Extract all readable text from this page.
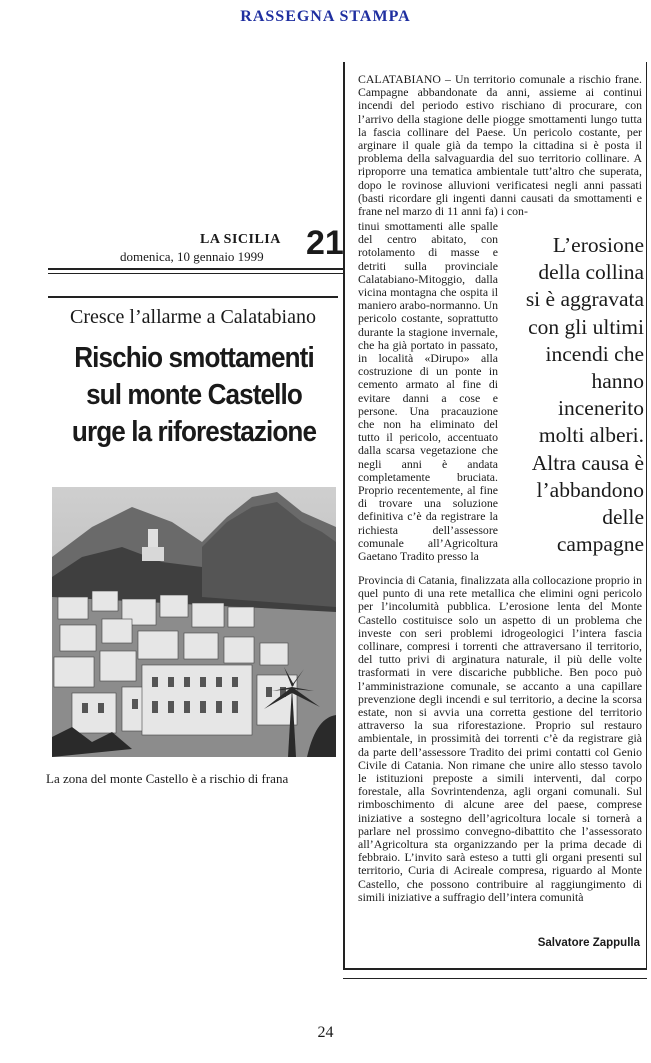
RASSEGNA STAMPA
LA SICILIA
domenica, 10 gennaio 1999 21
Cresce l’allarme a Calatabiano
Rischio smottamenti
sul monte Castello
urge la riforestazione
La zona del monte Castello è a rischio di frana

CALATABIANO – Un territorio comunale a rischio frane. Campagne abbandonate da anni, assieme ai continui incendi del periodo estivo rischiano di procurare, con l’arrivo della stagione delle piogge smottamenti lungo tutta la fascia collinare del Paese. Un pericolo costante, per arginare il quale già da tempo la cittadina si è posta il problema della salvaguardia del suo territorio collinare. A riproporre una tematica ambientale tutt’altro che superata, dopo le rovinose alluvioni verificatesi negli anni passati (basti ricordare gli ingenti danni causati da smottamenti e frane nel marzo di 11 anni fa) i con-

tinui smottamenti alle spalle del centro abitato, con rotolamento di masse e detriti sulla provinciale Calatabiano-Mitoggio, dalla vicina montagna che ospita il maniero arabo-normanno. Un pericolo costante, soprattutto durante la stagione invernale, che ha già portato in passato, in località «Dirupo» alla costruzione di un ponte in cemento armato al fine di evitare danni a cose e persone. Una pracauzione che non ha eliminato del tutto il pericolo, accentuato dalla scarsa vegetazione che negli anni è andata completamente bruciata. Proprio recentemente, al fine di trovare una soluzione definitiva c’è da registrare la richiesta dell’assessore comunale all’Agricoltura Gaetano Tradito presso la

Provincia di Catania, finalizzata alla collocazione proprio in quel punto di una rete metallica che elimini ogni pericolo per l’incolumità pubblica. L’erosione lenta del Monte Castello costituisce solo un aspetto di un problema che investe con seri problemi idrogeologici l’intera fascia collinare, compresi i torrenti che attraversano il territorio, del tutto privi di arginatura naturale, il più delle volte trasformati in vere discariche pubbliche. Ben poco può l’amministrazione comunale, se accanto a una capillare prevenzione degli incendi e sul territorio, a decine la scorsa estate, non si avvia una corretta gestione del territorio attraverso la sua riforestazione. Proprio sul restauro ambientale, in prossimità dei torrenti c’è da registrare già da parte dell’assessore Tradito dei primi contatti col Genio Civile di Catania. Non rimane che unire allo stesso tavolo le istituzioni preposte a simili interventi, dal corpo forestale, alla Sovrintendenza, agli organi comunali. Sul rimboschimento di alcune aree del paese, comprese iniziative a sostegno dell’agricoltura locale si tornerà a parlare nel prossimo convegno-dibattito che l’assessorato all’Agricoltura sta organizzando per la prima decade di febbraio. L’invito sarà esteso a tutti gli organi presenti sul territorio, Curia di Acireale compresa, riguardo al Monte Castello, che possono contribuire al raggiungimento di simili iniziative a suffragio dell’intera comunità

L’erosione
della collina
si è aggravata
con gli ultimi
incendi che
hanno
incenerito
molti alberi.
Altra causa è
l’abbandono
delle
campagne
Salvatore Zappulla
24
